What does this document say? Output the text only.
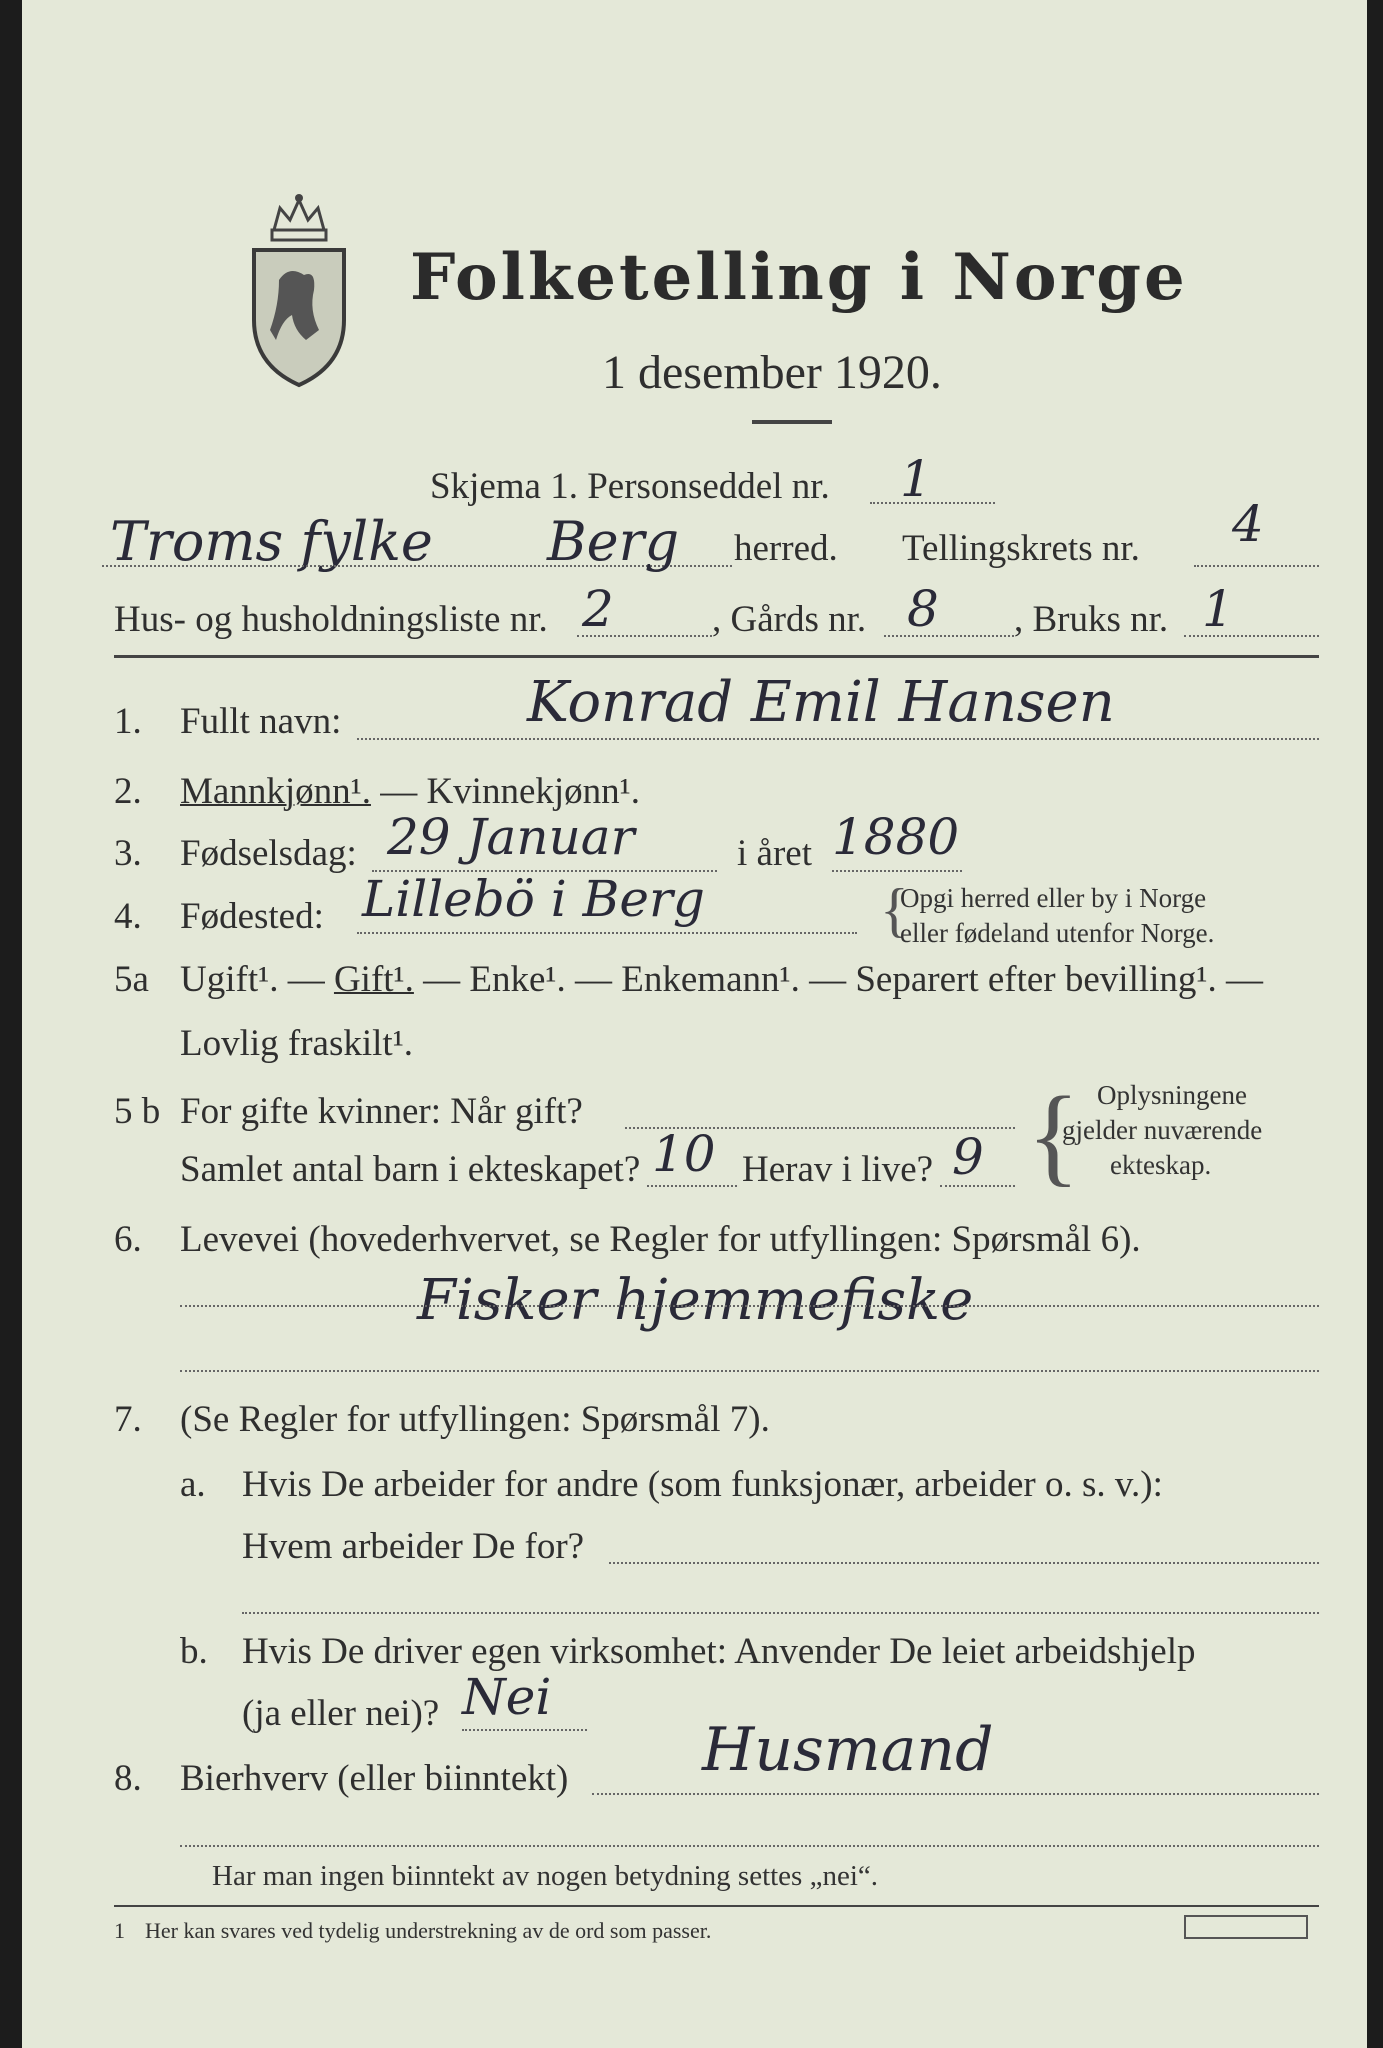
Folketelling i Norge
1 desember 1920.
Skjema 1. Personseddel nr. 1
Troms fylke Berg herred. Tellingskrets nr. 4
Hus- og husholdningsliste nr. 2	, Gårds nr. 8 , Bruks nr. 1
1. Fullt navn:	Konrad Emil Hansen
2. Mannkjønn¹. — Kvinnekjønn¹.
3. Fødselsdag: 29 Januar	i året 1880
4. Fødested: Lillebö i Berg	{
Opgi herred eller by i Norge
eller fødeland utenfor Norge.
5a Ugift¹. — Gift¹. — Enke¹. — Enkemann¹. — Separert efter bevilling¹. —
Lovlig fraskilt¹.
5 b For gifte kvinner: Når gift?
Samlet antal barn i ekteskapet? 10 Herav i live? 9 { Oplysningene
gjelder nuværende
ekteskap.
6. Levevei (hovederhvervet, se Regler for utfyllingen: Spørsmål 6).
Fisker hjemmefiske
7. (Se Regler for utfyllingen: Spørsmål 7).
a. Hvis De arbeider for andre (som funksjonær, arbeider o. s. v.):
Hvem arbeider De for?
b. Hvis De driver egen virksomhet: Anvender De leiet arbeidshjelp
(ja eller nei)? Nei
8. Bierhverv (eller biinntekt) Husmand
Har man ingen biinntekt av nogen betydning settes „nei“.
1 Her kan svares ved tydelig understrekning av de ord som passer.
